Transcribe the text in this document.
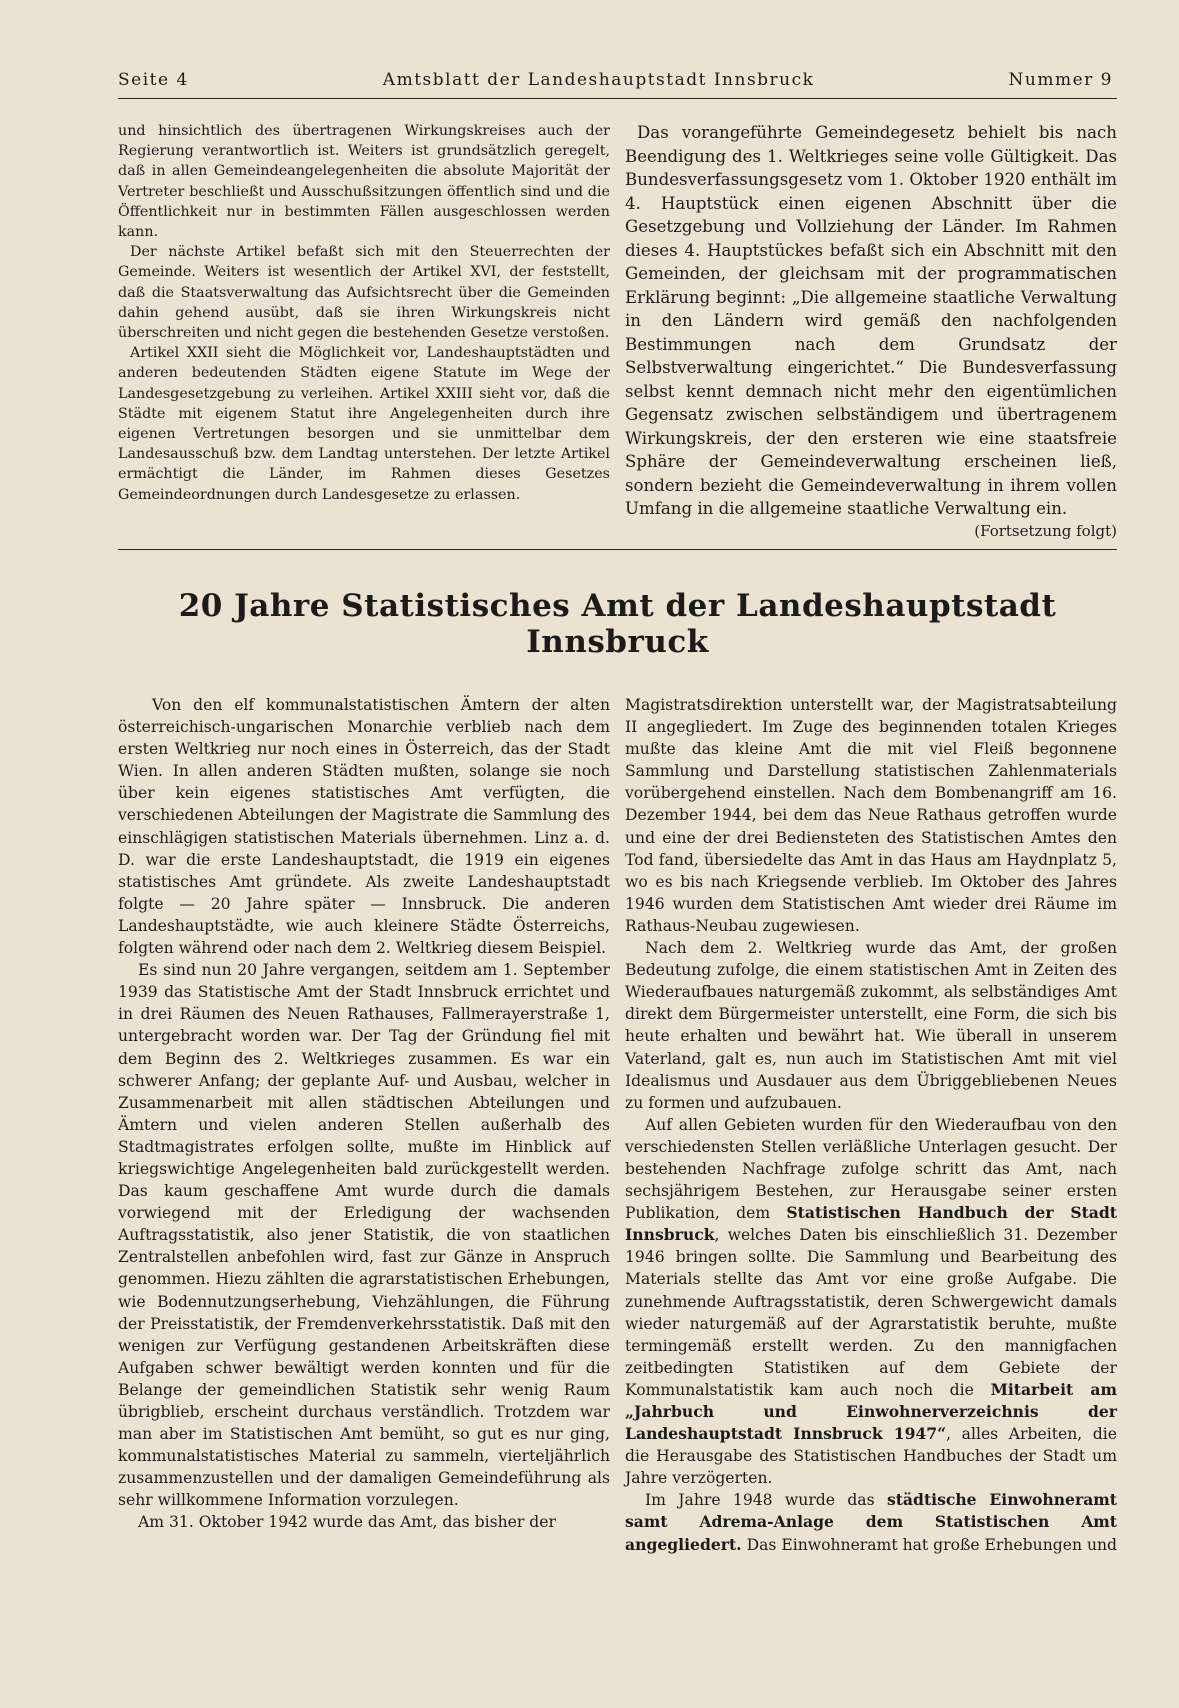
Seite 4	Amtsblatt der Landeshauptstadt Innsbruck	Nummer 9

und hinsichtlich des übertragenen Wirkungskreises auch der Regierung verantwortlich ist. Weiters ist grundsätzlich geregelt, daß in allen Gemeindeangelegenheiten die absolute Majorität der Vertreter beschließt und Ausschußsitzungen öffentlich sind und die Öffentlichkeit nur in bestimmten Fällen ausgeschlossen werden kann.

Der nächste Artikel befaßt sich mit den Steuerrechten der Gemeinde. Weiters ist wesentlich der Artikel XVI, der feststellt, daß die Staatsverwaltung das Aufsichtsrecht über die Gemeinden dahin gehend ausübt, daß sie ihren Wirkungskreis nicht überschreiten und nicht gegen die bestehenden Gesetze verstoßen.

Artikel XXII sieht die Möglichkeit vor, Landeshauptstädten und anderen bedeutenden Städten eigene Statute im Wege der Landesgesetzgebung zu verleihen. Artikel XXIII sieht vor, daß die Städte mit eigenem Statut ihre Angelegenheiten durch ihre eigenen Vertretungen besorgen und sie unmittelbar dem Landesausschuß bzw. dem Landtag unterstehen. Der letzte Artikel ermächtigt die Länder, im Rahmen dieses Gesetzes Gemeindeordnungen durch Landesgesetze zu erlassen.

Das vorangeführte Gemeindegesetz behielt bis nach Beendigung des 1. Weltkrieges seine volle Gültigkeit. Das Bundesverfassungsgesetz vom 1. Oktober 1920 enthält im 4. Hauptstück einen eigenen Abschnitt über die Gesetzgebung und Vollziehung der Länder. Im Rahmen dieses 4. Hauptstückes befaßt sich ein Abschnitt mit den Gemeinden, der gleichsam mit der programmatischen Erklärung beginnt: „Die allgemeine staatliche Verwaltung in den Ländern wird gemäß den nachfolgenden Bestimmungen nach dem Grundsatz der Selbstverwaltung eingerichtet.“ Die Bundesverfassung selbst kennt demnach nicht mehr den eigentümlichen Gegensatz zwischen selbständigem und übertragenem Wirkungskreis, der den ersteren wie eine staatsfreie Sphäre der Gemeindeverwaltung erscheinen ließ, sondern bezieht die Gemeindeverwaltung in ihrem vollen Umfang in die allgemeine staatliche Verwaltung ein.

(Fortsetzung folgt)
20 Jahre Statistisches Amt der Landeshauptstadt Innsbruck

Von den elf kommunalstatistischen Ämtern der alten österreichisch-ungarischen Monarchie verblieb nach dem ersten Weltkrieg nur noch eines in Österreich, das der Stadt Wien. In allen anderen Städten mußten, solange sie noch über kein eigenes statistisches Amt verfügten, die verschiedenen Abteilungen der Magistrate die Sammlung des einschlägigen statistischen Materials übernehmen. Linz a. d. D. war die erste Landeshauptstadt, die 1919 ein eigenes statistisches Amt gründete. Als zweite Landeshauptstadt folgte — 20 Jahre später — Innsbruck. Die anderen Landeshauptstädte, wie auch kleinere Städte Österreichs, folgten während oder nach dem 2. Weltkrieg diesem Beispiel.

Es sind nun 20 Jahre vergangen, seitdem am 1. September 1939 das Statistische Amt der Stadt Innsbruck errichtet und in drei Räumen des Neuen Rathauses, Fallmerayerstraße 1, untergebracht worden war. Der Tag der Gründung fiel mit dem Beginn des 2. Weltkrieges zusammen. Es war ein schwerer Anfang; der geplante Auf- und Ausbau, welcher in Zusammenarbeit mit allen städtischen Abteilungen und Ämtern und vielen anderen Stellen außerhalb des Stadtmagistrates erfolgen sollte, mußte im Hinblick auf kriegswichtige Angelegenheiten bald zurückgestellt werden. Das kaum geschaffene Amt wurde durch die damals vorwiegend mit der Erledigung der wachsenden Auftragsstatistik, also jener Statistik, die von staatlichen Zentralstellen anbefohlen wird, fast zur Gänze in Anspruch genommen. Hiezu zählten die agrarstatistischen Erhebungen, wie Bodennutzungserhebung, Viehzählungen, die Führung der Preisstatistik, der Fremdenverkehrsstatistik. Daß mit den wenigen zur Verfügung gestandenen Arbeitskräften diese Aufgaben schwer bewältigt werden konnten und für die Belange der gemeindlichen Statistik sehr wenig Raum übrigblieb, erscheint durchaus verständlich. Trotzdem war man aber im Statistischen Amt bemüht, so gut es nur ging, kommunalstatistisches Material zu sammeln, vierteljährlich zusammenzustellen und der damaligen Gemeindeführung als sehr willkommene Information vorzulegen.

Am 31. Oktober 1942 wurde das Amt, das bisher der

Magistratsdirektion unterstellt war, der Magistratsabteilung II angegliedert. Im Zuge des beginnenden totalen Krieges mußte das kleine Amt die mit viel Fleiß begonnene Sammlung und Darstellung statistischen Zahlenmaterials vorübergehend einstellen. Nach dem Bombenangriff am 16. Dezember 1944, bei dem das Neue Rathaus getroffen wurde und eine der drei Bediensteten des Statistischen Amtes den Tod fand, übersiedelte das Amt in das Haus am Haydnplatz 5, wo es bis nach Kriegsende verblieb. Im Oktober des Jahres 1946 wurden dem Statistischen Amt wieder drei Räume im Rathaus-Neubau zugewiesen.

Nach dem 2. Weltkrieg wurde das Amt, der großen Bedeutung zufolge, die einem statistischen Amt in Zeiten des Wiederaufbaues naturgemäß zukommt, als selbständiges Amt direkt dem Bürgermeister unterstellt, eine Form, die sich bis heute erhalten und bewährt hat. Wie überall in unserem Vaterland, galt es, nun auch im Statistischen Amt mit viel Idealismus und Ausdauer aus dem Übriggebliebenen Neues zu formen und aufzubauen.

Auf allen Gebieten wurden für den Wiederaufbau von den verschiedensten Stellen verläßliche Unterlagen gesucht. Der bestehenden Nachfrage zufolge schritt das Amt, nach sechsjährigem Bestehen, zur Herausgabe seiner ersten Publikation, dem Statistischen Handbuch der Stadt Innsbruck, welches Daten bis einschließlich 31. Dezember 1946 bringen sollte. Die Sammlung und Bearbeitung des Materials stellte das Amt vor eine große Aufgabe. Die zunehmende Auftragsstatistik, deren Schwergewicht damals wieder naturgemäß auf der Agrarstatistik beruhte, mußte termingemäß erstellt werden. Zu den mannigfachen zeitbedingten Statistiken auf dem Gebiete der Kommunalstatistik kam auch noch die Mitarbeit am „Jahrbuch und Einwohnerverzeichnis der Landeshauptstadt Innsbruck 1947“, alles Arbeiten, die die Herausgabe des Statistischen Handbuches der Stadt um Jahre verzögerten.

Im Jahre 1948 wurde das städtische Einwohneramt samt Adrema-Anlage dem Statistischen Amt angegliedert. Das Einwohneramt hat große Erhebungen und
